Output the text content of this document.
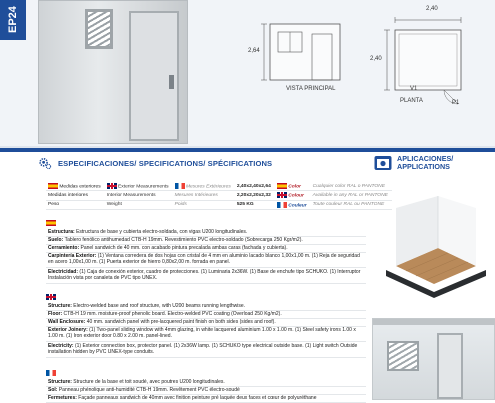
EP24	2,40
2,64
2,40
VISTA PRINCIPAL
PLANTA
V1
P1
ESPECIFICACIONES/ SPECIFICATIONS/ SPÉCIFICATIONS	APLICACIONES/
APPLICATIONS
Medidas exteriores	Exterior Measurements	Mesures Extérieures	2,40x2,40x2,64	Color	Cualquier color RAL o PANTONE
Medidas interiores	Interior Measurements	Mesures Intérieures	2,20x2,20x2,32	Colour	Available in any RAL or PANTONE
Peso	Weight	Poids	525 KG	Couleur	Toute couleur RAL ou PANTONE
Estructura: Estructura de base y cubierta electro-soldada, con vigas U200 longitudinales.
Suelo: Tablero fenólico antihumedad CTB-H 19mm. Revestimiento PVC electro-soldado (Sobrecarga 250 Kgr/m2).
Cerramiento: Panel sandwich de 40 mm. con acabado pintura precalada ambas caras (fachada y cubierta).
Carpintería Exterior: (1) Ventana corredera de dos hojas con cristal de 4 mm en aluminio lacado blanco 1,00x1,00 m. (1) Reja de seguridad en acero 1,00x1,00 m. (1) Puerta exterior de hierro 0,80x2,00 m. forrada en panel.
Electricidad: (1) Caja de conexión exterior, cuadro de protecciones. (1) Luminaria 2x36W. (1) Base de enchufe tipo SCHUKO. (1) Interruptor Instalación vista por canaleta de PVC tipo UNEX.
Structure: Electro-welded base and roof structure, with U200 beams running lengthwise.
Floor: CTB-H 19 mm. moisture-proof phenolic board. Electro-welded PVC coating (Overload 250 Kg/m2).
Wall Enclosure: 40 mm. sandwich panel with pre-lacquered paint finish on both sides (sides and roof).
Exterior Joinery: (1) Two-panel sliding window with 4mm glazing, in white lacquered aluminium 1.00 x 1.00 m. (1) Steel safety irons 1.00 x 1.00 m. (1) Iron exterior door 0.80 x 2.00 m. panel-lined.
Electricity: (1) Exterior connection box, protector panel. (1) 2x36W lamp. (1) SCHUKO type electrical outside base. (1) Light switch Outside installation hidden by PVC UNEX-type conduits.
Structure: Structure de la base et toit soudé, avec poutres U200 longitudinales.
Sol: Panneau phénolique anti-humidité CTB-H 19mm. Revêtement PVC électro-soudé
Fermetures: Façade panneaux sandwich de 40mm avec finition peinture pré laquée deux faces et cœur de polyuréthane
